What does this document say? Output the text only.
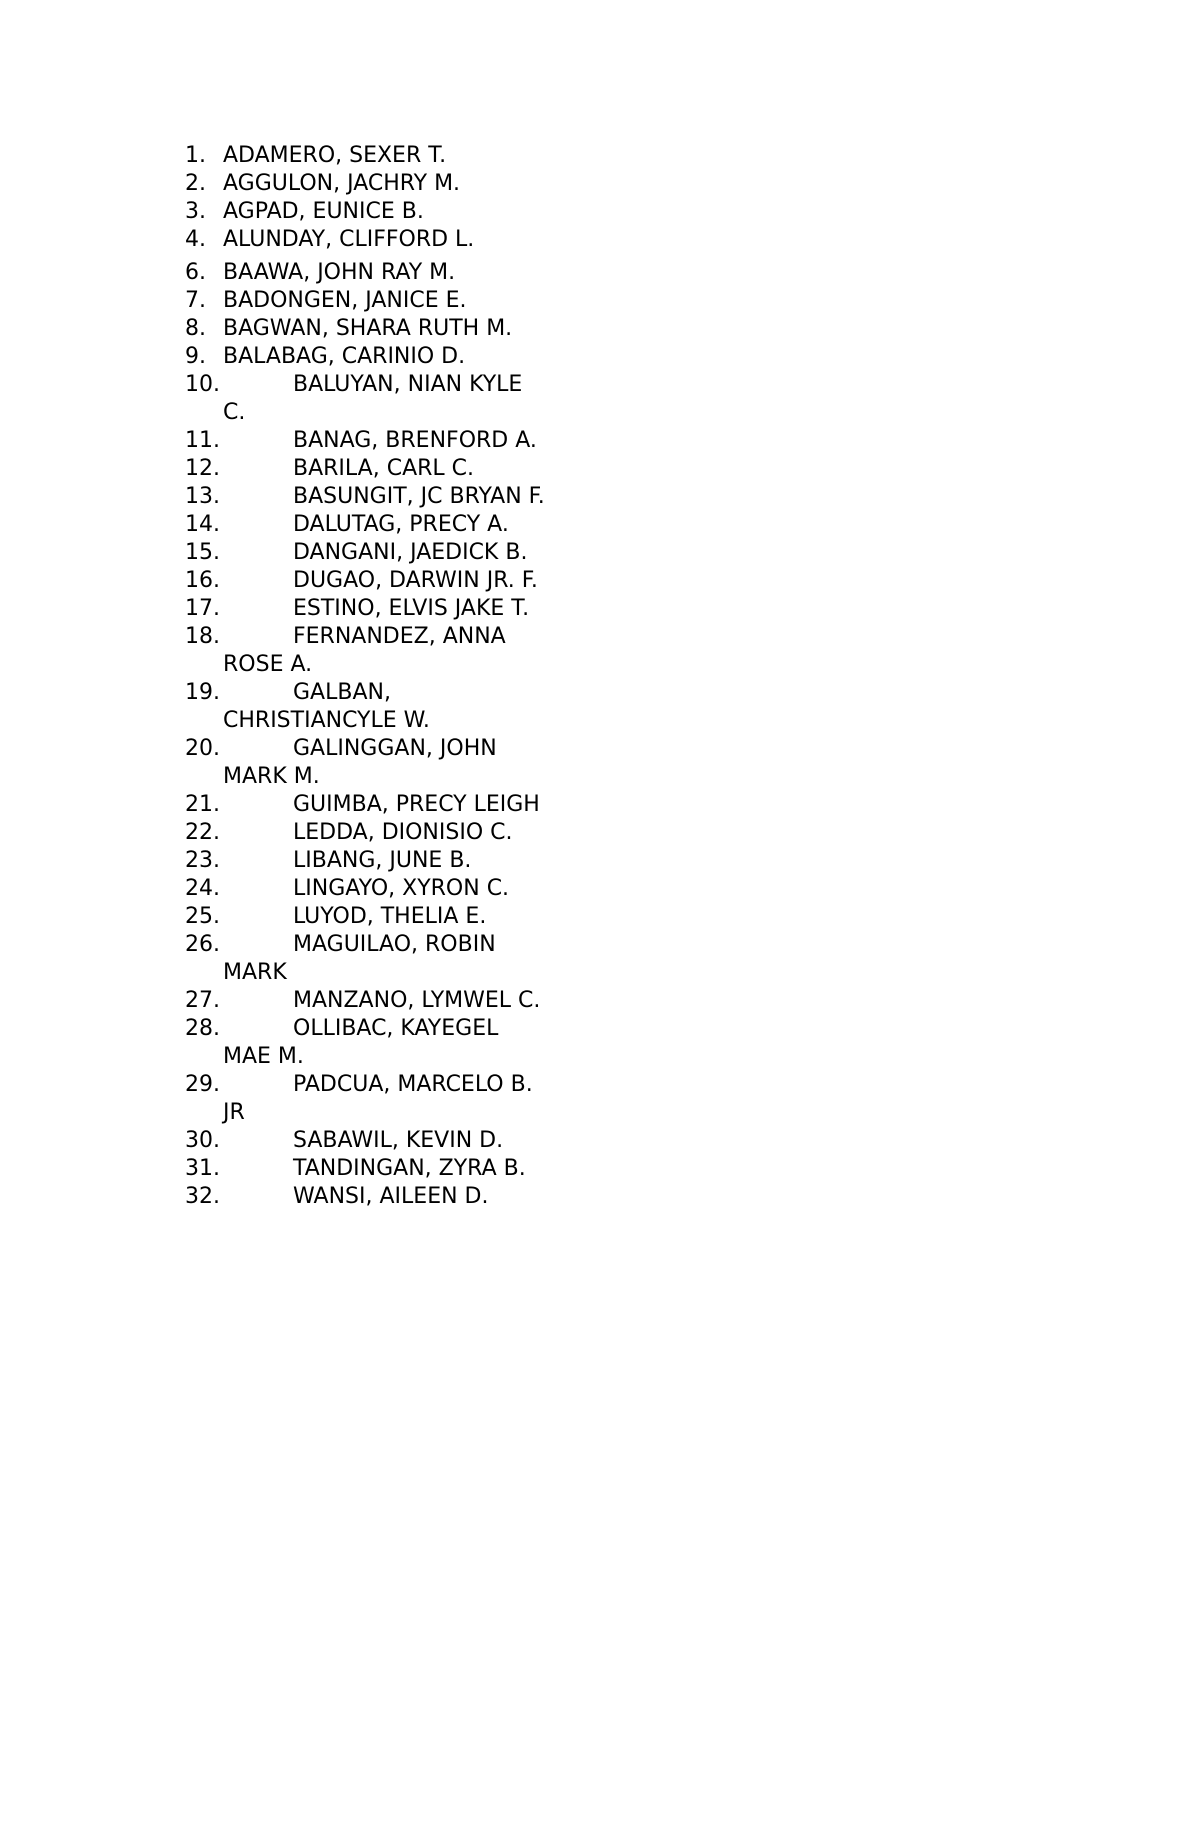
1. ADAMERO, SEXER T.
2. AGGULON, JACHRY M.
3. AGPAD, EUNICE B.
4. ALUNDAY, CLIFFORD L.
6. BAAWA, JOHN RAY M.
7. BADONGEN, JANICE E.
8. BAGWAN, SHARA RUTH M.
9. BALABAG, CARINIO D.
10.	BALUYAN, NIAN KYLE C.
11.	BANAG, BRENFORD A.
12.	BARILA, CARL C.
13.	BASUNGIT, JC BRYAN F.
14.	DALUTAG, PRECY A.
15.	DANGANI, JAEDICK B.
16.	DUGAO, DARWIN JR. F.
17.	ESTINO, ELVIS JAKE T.
18.	FERNANDEZ, ANNA ROSE A.
19.	GALBAN, CHRISTIANCYLE W.
20.	GALINGGAN, JOHN MARK M.
21.	GUIMBA, PRECY LEIGH
22.	LEDDA, DIONISIO C.
23.	LIBANG, JUNE B.
24.	LINGAYO, XYRON C.
25.	LUYOD, THELIA E.
26.	MAGUILAO, ROBIN MARK
27.	MANZANO, LYMWEL C.
28.	OLLIBAC, KAYEGEL MAE M.
29.	PADCUA, MARCELO B. JR
30.	SABAWIL, KEVIN D.
31.	TANDINGAN, ZYRA B.
32.	WANSI, AILEEN D.
